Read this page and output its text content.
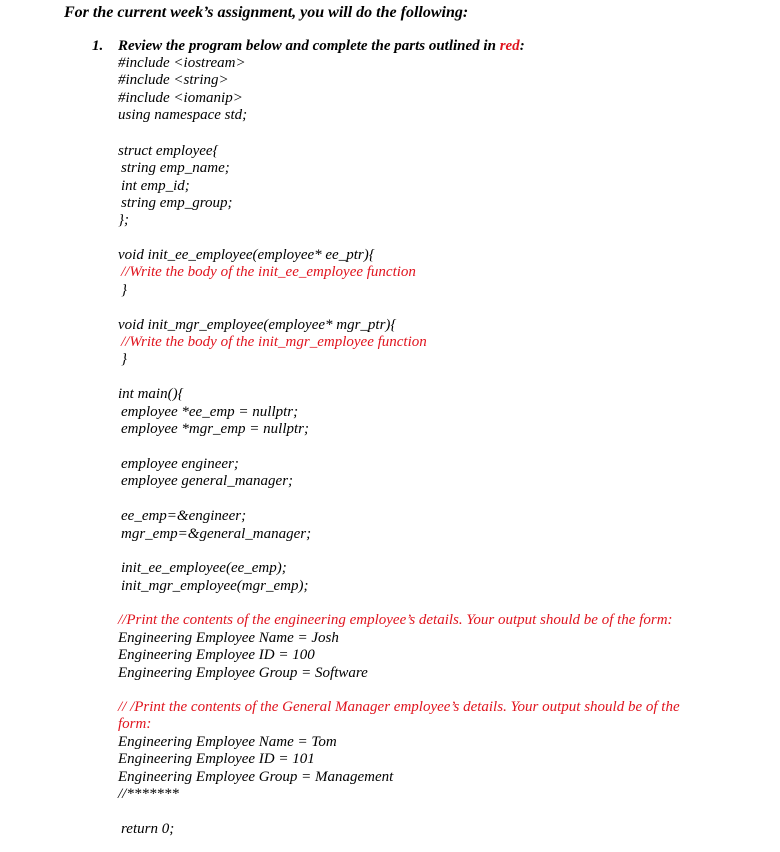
For the current week’s assignment, you will do the following:
1. Review the program below and complete the parts outlined in red:
#include <iostream>
#include <string>
#include <iomanip>
using namespace std;
struct employee{
string emp_name;
int emp_id;
string emp_group;
};
void init_ee_employee(employee* ee_ptr){
//Write the body of the init_ee_employee function
}
void init_mgr_employee(employee* mgr_ptr){
//Write the body of the init_mgr_employee function
}
int main(){
employee *ee_emp = nullptr;
employee *mgr_emp = nullptr;
employee engineer;
employee general_manager;
ee_emp=&engineer;
mgr_emp=&general_manager;
init_ee_employee(ee_emp);
init_mgr_employee(mgr_emp);
//Print the contents of the engineering employee’s details. Your output should be of the form:
Engineering Employee Name = Josh
Engineering Employee ID = 100
Engineering Employee Group = Software
// /Print the contents of the General Manager employee’s details. Your output should be of the
form:
Engineering Employee Name = Tom
Engineering Employee ID = 101
Engineering Employee Group = Management
//*******
return 0;
